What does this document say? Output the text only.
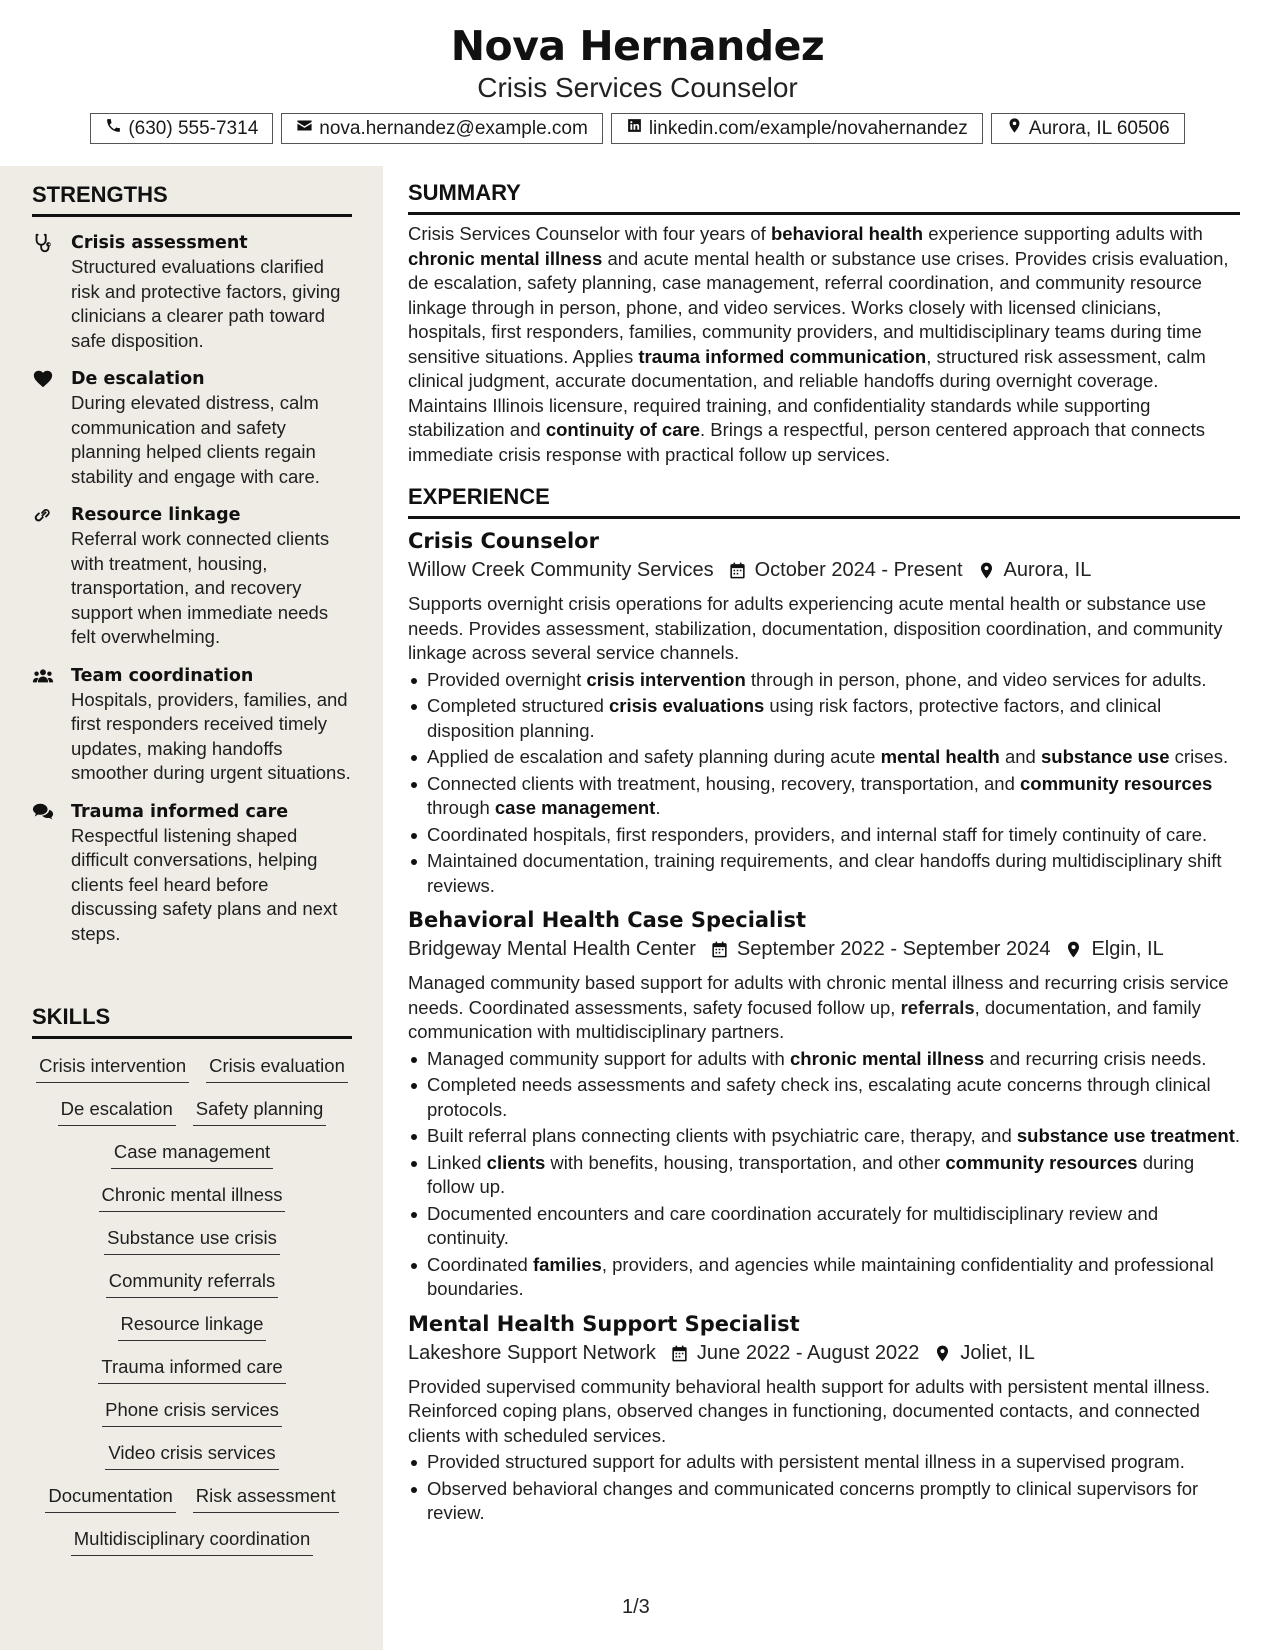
Nova Hernandez
Crisis Services Counselor
(630) 555-7314	nova.hernandez@example.com	linkedin.com/example/novahernandez	Aurora, IL 60506
STRENGTHS
Crisis assessment
Structured evaluations clarified risk and protective factors, giving clinicians a clearer path toward safe disposition.
De escalation
During elevated distress, calm communication and safety planning helped clients regain stability and engage with care.
Resource linkage
Referral work connected clients with treatment, housing, transportation, and recovery support when immediate needs felt overwhelming.
Team coordination
Hospitals, providers, families, and first responders received timely updates, making handoffs smoother during urgent situations.
Trauma informed care
Respectful listening shaped difficult conversations, helping clients feel heard before discussing safety plans and next steps.
SKILLS
Crisis intervention Crisis evaluation
De escalation Safety planning
Case management
Chronic mental illness
Substance use crisis
Community referrals
Resource linkage
Trauma informed care
Phone crisis services
Video crisis services
Documentation Risk assessment
Multidisciplinary coordination
SUMMARY
Crisis Services Counselor with four years of behavioral health experience supporting adults with chronic mental illness and acute mental health or substance use crises. Provides crisis evaluation, de escalation, safety planning, case management, referral coordination, and community resource linkage through in person, phone, and video services. Works closely with licensed clinicians, hospitals, first responders, families, community providers, and multidisciplinary teams during time sensitive situations. Applies trauma informed communication, structured risk assessment, calm clinical judgment, accurate documentation, and reliable handoffs during overnight coverage. Maintains Illinois licensure, required training, and confidentiality standards while supporting stabilization and continuity of care. Brings a respectful, person centered approach that connects immediate crisis response with practical follow up services.
EXPERIENCE
Crisis Counselor
Willow Creek Community Services October 2024 - Present Aurora, IL
Supports overnight crisis operations for adults experiencing acute mental health or substance use needs. Provides assessment, stabilization, documentation, disposition coordination, and community linkage across several service channels.
Provided overnight crisis intervention through in person, phone, and video services for adults.
Completed structured crisis evaluations using risk factors, protective factors, and clinical disposition planning.
Applied de escalation and safety planning during acute mental health and substance use crises.
Connected clients with treatment, housing, recovery, transportation, and community resources through case management.
Coordinated hospitals, first responders, providers, and internal staff for timely continuity of care.
Maintained documentation, training requirements, and clear handoffs during multidisciplinary shift reviews.
Behavioral Health Case Specialist
Bridgeway Mental Health Center September 2022 - September 2024 Elgin, IL
Managed community based support for adults with chronic mental illness and recurring crisis service needs. Coordinated assessments, safety focused follow up, referrals, documentation, and family communication with multidisciplinary partners.
Managed community support for adults with chronic mental illness and recurring crisis needs.
Completed needs assessments and safety check ins, escalating acute concerns through clinical protocols.
Built referral plans connecting clients with psychiatric care, therapy, and substance use treatment.
Linked clients with benefits, housing, transportation, and other community resources during follow up.
Documented encounters and care coordination accurately for multidisciplinary review and continuity.
Coordinated families, providers, and agencies while maintaining confidentiality and professional boundaries.
Mental Health Support Specialist
Lakeshore Support Network June 2022 - August 2022 Joliet, IL
Provided supervised community behavioral health support for adults with persistent mental illness. Reinforced coping plans, observed changes in functioning, documented contacts, and connected clients with scheduled services.
Provided structured support for adults with persistent mental illness in a supervised program.
Observed behavioral changes and communicated concerns promptly to clinical supervisors for review.
1/3
